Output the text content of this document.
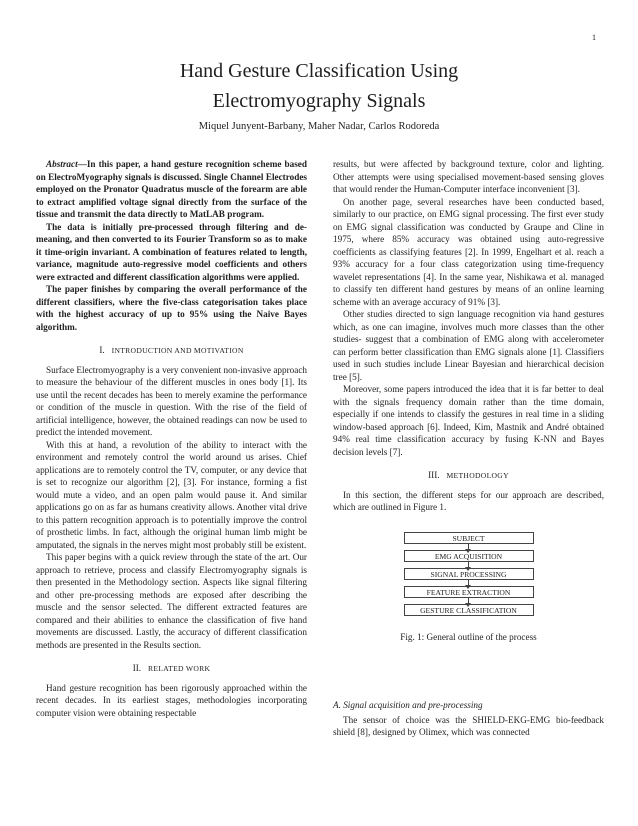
1
Hand Gesture Classification Using
Electromyography Signals
Miquel Junyent-Barbany, Maher Nadar, Carlos Rodoreda

Abstract—In this paper, a hand gesture recognition scheme based on ElectroMyography signals is discussed. Single Channel Electrodes employed on the Pronator Quadratus muscle of the forearm are able to extract amplified voltage signal directly from the surface of the tissue and transmit the data directly to MatLAB program.

The data is initially pre-processed through filtering and de-meaning, and then converted to its Fourier Transform so as to make it time-origin invariant. A combination of features related to length, variance, magnitude auto-regressive model coefficients and others were extracted and different classification algorithms were applied.

The paper finishes by comparing the overall performance of the different classifiers, where the five-class categorisation takes place with the highest accuracy of up to 95% using the Naive Bayes algorithm.

I. INTRODUCTION AND MOTIVATION

Surface Electromyography is a very convenient non-invasive approach to measure the behaviour of the different muscles in ones body [1]. Its use until the recent decades has been to merely examine the performance or condition of the muscle in question. With the rise of the field of artificial intelligence, however, the obtained readings can now be used to predict the intended movement.

With this at hand, a revolution of the ability to interact with the environment and remotely control the world around us arises. Chief applications are to remotely control the TV, computer, or any device that is set to recognize our algorithm [2], [3]. For instance, forming a fist would mute a video, and an open palm would pause it. And similar applications go on as far as humans creativity allows. Another vital drive to this pattern recognition approach is to potentially improve the control of prosthetic limbs. In fact, although the original human limb might be amputated, the signals in the nerves might most probably still be existent.

This paper begins with a quick review through the state of the art. Our approach to retrieve, process and classify Electromyography signals is then presented in the Methodology section. Aspects like signal filtering and other pre-processing methods are exposed after describing the muscle and the sensor selected. The different extracted features are compared and their abilities to enhance the classification of five hand movements are discussed. Lastly, the accuracy of different classification methods are presented in the Results section.

II. RELATED WORK

Hand gesture recognition has been rigorously approached within the recent decades. In its earliest stages, methodologies incorporating computer vision were obtaining respectable

results, but were affected by background texture, color and lighting. Other attempts were using specialised movement-based sensing gloves that would render the Human-Computer interface inconvenient [3].

On another page, several researches have been conducted based, similarly to our practice, on EMG signal processing. The first ever study on EMG signal classification was conducted by Graupe and Cline in 1975, where 85% accuracy was obtained using auto-regressive coefficients as classifying features [2]. In 1999, Engelhart et al. reach a 93% accuracy for a four class categorization using time-frequency wavelet representations [4]. In the same year, Nishikawa et al. managed to classify ten different hand gestures by means of an online learning scheme with an average accuracy of 91% [3].

Other studies directed to sign language recognition via hand gestures which, as one can imagine, involves much more classes than the other studies- suggest that a combination of EMG along with accelerometer can perform better classification than EMG signals alone [1]. Classifiers used in such studies include Linear Bayesian and hierarchical decision tree [5].

Moreover, some papers introduced the idea that it is far better to deal with the signals frequency domain rather than the time domain, especially if one intends to classify the gestures in real time in a sliding window-based approach [6]. Indeed, Kim, Mastnik and André obtained 94% real time classification accuracy by fusing K-NN and Bayes decision levels [7].

III. METHODOLOGY

In this section, the different steps for our approach are described, which are outlined in Figure 1.

SUBJECT
EMG ACQUISITION
SIGNAL PROCESSING
FEATURE EXTRACTION
GESTURE CLASSIFICATION
Fig. 1: General outline of the process
A. Signal acquisition and pre-processing

The sensor of choice was the SHIELD-EKG-EMG bio-feedback shield [8], designed by Olimex, which was connected
